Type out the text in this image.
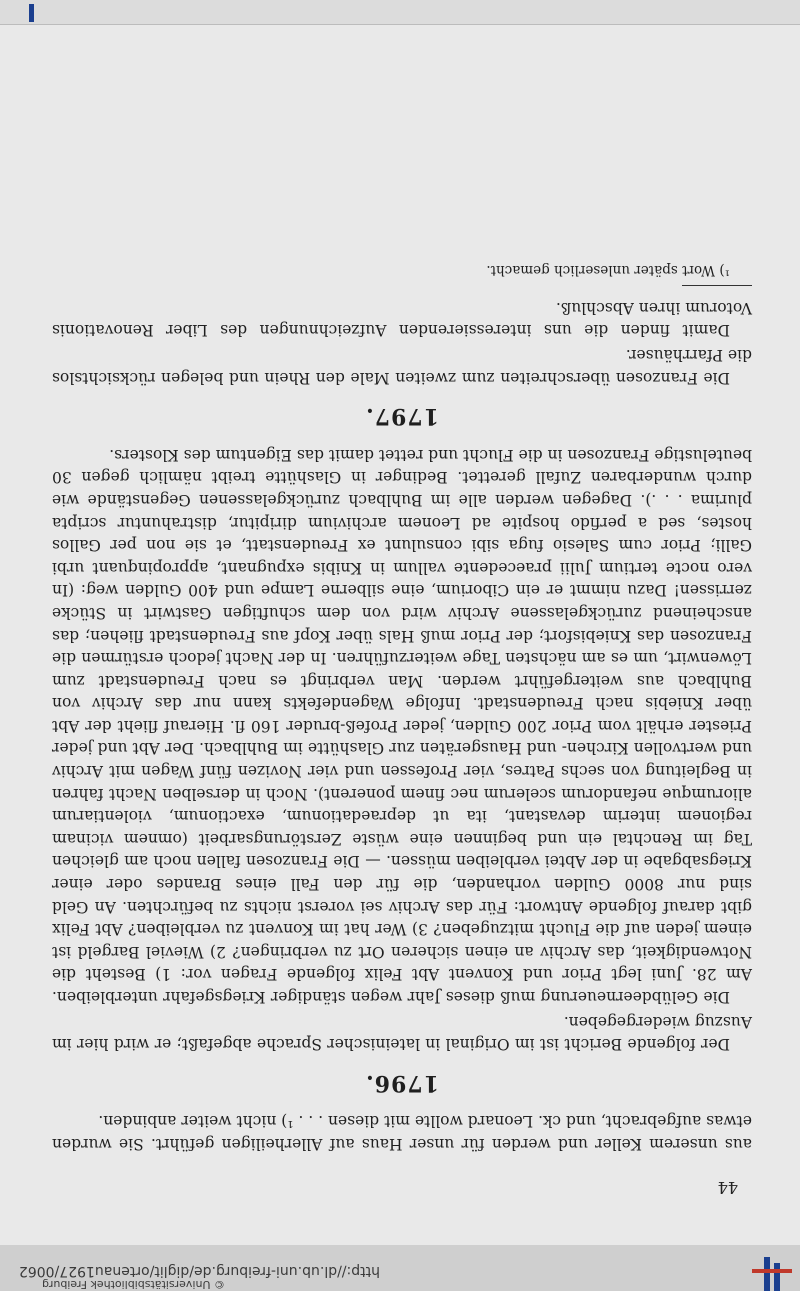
© Universitätsbibliothek Freiburg
http://dl.ub.uni-freiburg.de/diglit/ortenau1927/0062
44

aus unserem Keller und werden für unser Haus auf Allerheiligen geführt. Sie wurden etwas aufgebracht, und ck. Leonard wollte mit diesen . . . ¹) nicht weiter anbinden.

1796.

Der folgende Bericht ist im Original in lateinischer Sprache abgefaßt; er wird hier im Auszug wiedergegeben.

Die Gelübdeerneuerung muß dieses Jahr wegen ständiger Kriegsgefahr unterbleiben. Am 28. Juni legt Prior und Konvent Abt Felix folgende Fragen vor: 1) Besteht die Notwendigkeit, das Archiv an einen sicheren Ort zu verbringen? 2) Wieviel Bargeld ist einem jeden auf die Flucht mitzugeben? 3) Wer hat im Konvent zu verbleiben? Abt Felix gibt darauf folgende Antwort: Für das Archiv sei vorerst nichts zu befürchten. An Geld sind nur 8000 Gulden vorhanden, die für den Fall eines Brandes oder einer Kriegsabgabe in der Abtei verbleiben müssen. — Die Franzosen fallen noch am gleichen Tag im Renchtal ein und beginnen eine wüste Zerstörungsarbeit (omnem vicinam regionem interim devastant, ita ut depraedationum, exactionum, violentiarum aliorumque nefandorum scelerum nec finem ponerent). Noch in derselben Nacht fahren in Begleitung von sechs Patres, vier Professen und vier Novizen fünf Wagen mit Archiv und wertvollen Kirchen- und Hausgeräten zur Glashütte im Buhlbach. Der Abt und jeder Priester erhält vom Prior 200 Gulden, jeder Profeß-bruder 160 fl. Hierauf flieht der Abt über Kniebis nach Freudenstadt. Infolge Wagendefekts kann nur das Archiv von Buhlbach aus weitergeführt werden. Man verbringt es nach Freudenstadt zum Löwenwirt, um es am nächsten Tage weiterzuführen. In der Nacht jedoch erstürmen die Franzosen das Kniebisfort; der Prior muß Hals über Kopf aus Freudenstadt fliehen; das anscheinend zurückgelassene Archiv wird von dem schuftigen Gastwirt in Stücke zerrissen! Dazu nimmt er ein Ciborium, eine silberne Lampe und 400 Gulden weg: (In vero nocte tertium Julii praecedente vallum in Knibis expugnant, appropinquant urbi Galli; Prior cum Salesio fuga sibi consulunt ex Freudenstatt, et sie non per Gallos hostes, sed a perfido hospite ad Leonem archivium diripitur, distrahuntur scripta plurima . . .). Dagegen werden alle im Buhlbach zurückgelassenen Gegenstände wie durch wunderbaren Zufall gerettet. Bedinger in Glashütte treibt nämlich gegen 30 beutelustige Franzosen in die Flucht und rettet damit das Eigentum des Klosters.

1797.

Die Franzosen überschreiten zum zweiten Male den Rhein und belegen rücksichtslos die Pfarrhäuser.

Damit finden die uns interessierenden Aufzeichnungen des Liber Renovationis Votorum ihren Abschluß.

¹) Wort später unleserlich gemacht.
